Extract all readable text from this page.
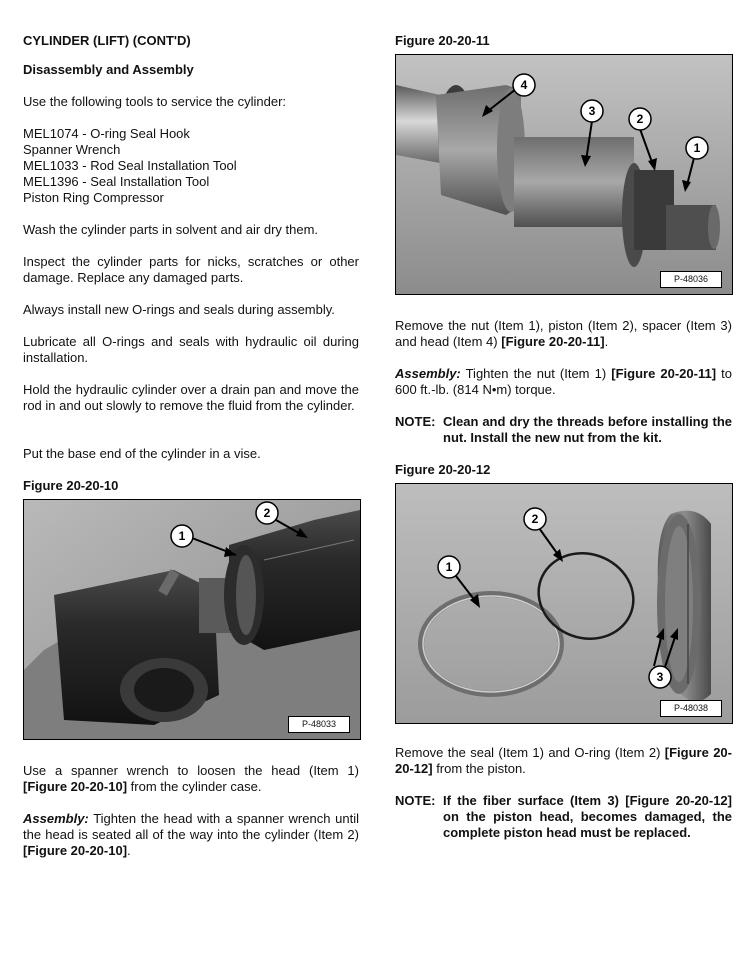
CYLINDER (LIFT) (CONT'D)

Disassembly and Assembly

Use the following tools to service the cylinder:

MEL1074 - O-ring Seal Hook
Spanner Wrench
MEL1033 - Rod Seal Installation Tool
MEL1396 - Seal Installation Tool
Piston Ring Compressor

Wash the cylinder parts in solvent and air dry them.

Inspect the cylinder parts for nicks, scratches or other damage. Replace any damaged parts.

Always install new O-rings and seals during assembly.

Lubricate all O-rings and seals with hydraulic oil during installation.

Hold the hydraulic cylinder over a drain pan and move the rod in and out slowly to remove the fluid from the cylinder.

Put the base end of the cylinder in a vise.

Figure 20-20-10

1
2
P-48033

Use a spanner wrench to loosen the head (Item 1) [Figure 20-20-10] from the cylinder case.

Assembly: Tighten the head with a spanner wrench until the head is seated all of the way into the cylinder (Item 2) [Figure 20-20-10].

Figure 20-20-11

4
3
2
1
P-48036

Remove the nut (Item 1), piston (Item 2), spacer (Item 3) and head (Item 4) [Figure 20-20-11].

Assembly: Tighten the nut (Item 1) [Figure 20-20-11] to 600 ft.-lb. (814 N•m) torque.

NOTE: Clean and dry the threads before installing the nut. Install the new nut from the kit.

Figure 20-20-12

1
2
3
P-48038

Remove the seal (Item 1) and O-ring (Item 2) [Figure 20-20-12] from the piston.

NOTE: If the fiber surface (Item 3) [Figure 20-20-12] on the piston head, becomes damaged, the complete piston head must be replaced.
